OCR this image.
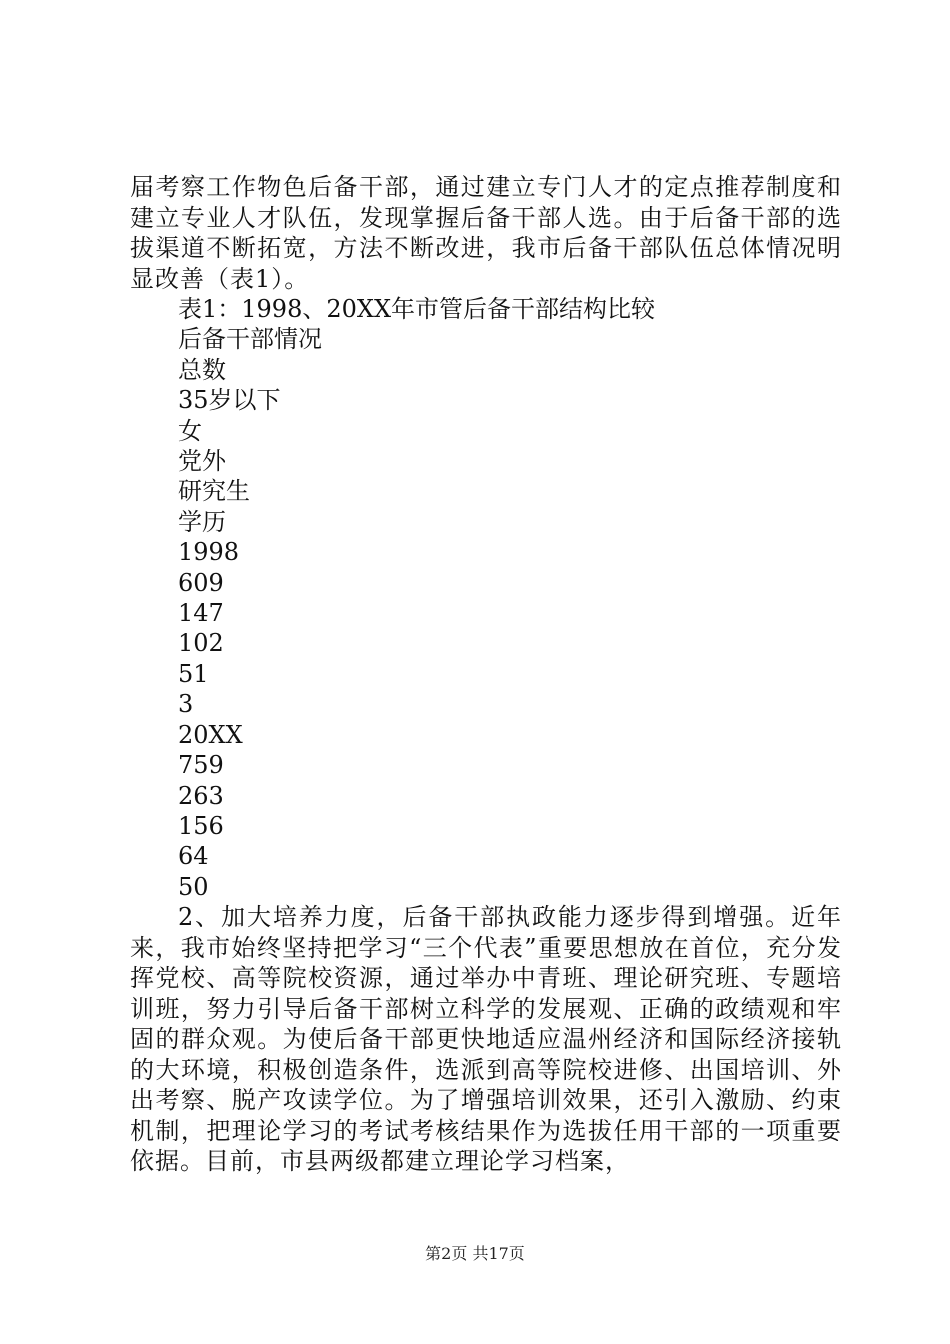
届考察工作物色后备干部，通过建立专门人才的定点推荐制度和建立专业人才队伍，发现掌握后备干部人选。由于后备干部的选拔渠道不断拓宽，方法不断改进，我市后备干部队伍总体情况明显改善（表1）。

表1：1998、20XX年市管后备干部结构比较

后备干部情况

总数

35岁以下

女

党外

研究生

学历

1998

609

147

102

51

3

20XX

759

263

156

64

50

2、加大培养力度，后备干部执政能力逐步得到增强。近年来，我市始终坚持把学习“三个代表”重要思想放在首位，充分发挥党校、高等院校资源，通过举办中青班、理论研究班、专题培训班，努力引导后备干部树立科学的发展观、正确的政绩观和牢固的群众观。为使后备干部更快地适应温州经济和国际经济接轨的大环境，积极创造条件，选派到高等院校进修、出国培训、外出考察、脱产攻读学位。为了增强培训效果，还引入激励、约束机制，把理论学习的考试考核结果作为选拔任用干部的一项重要依据。目前，市县两级都建立理论学习档案，

第2页 共17页
